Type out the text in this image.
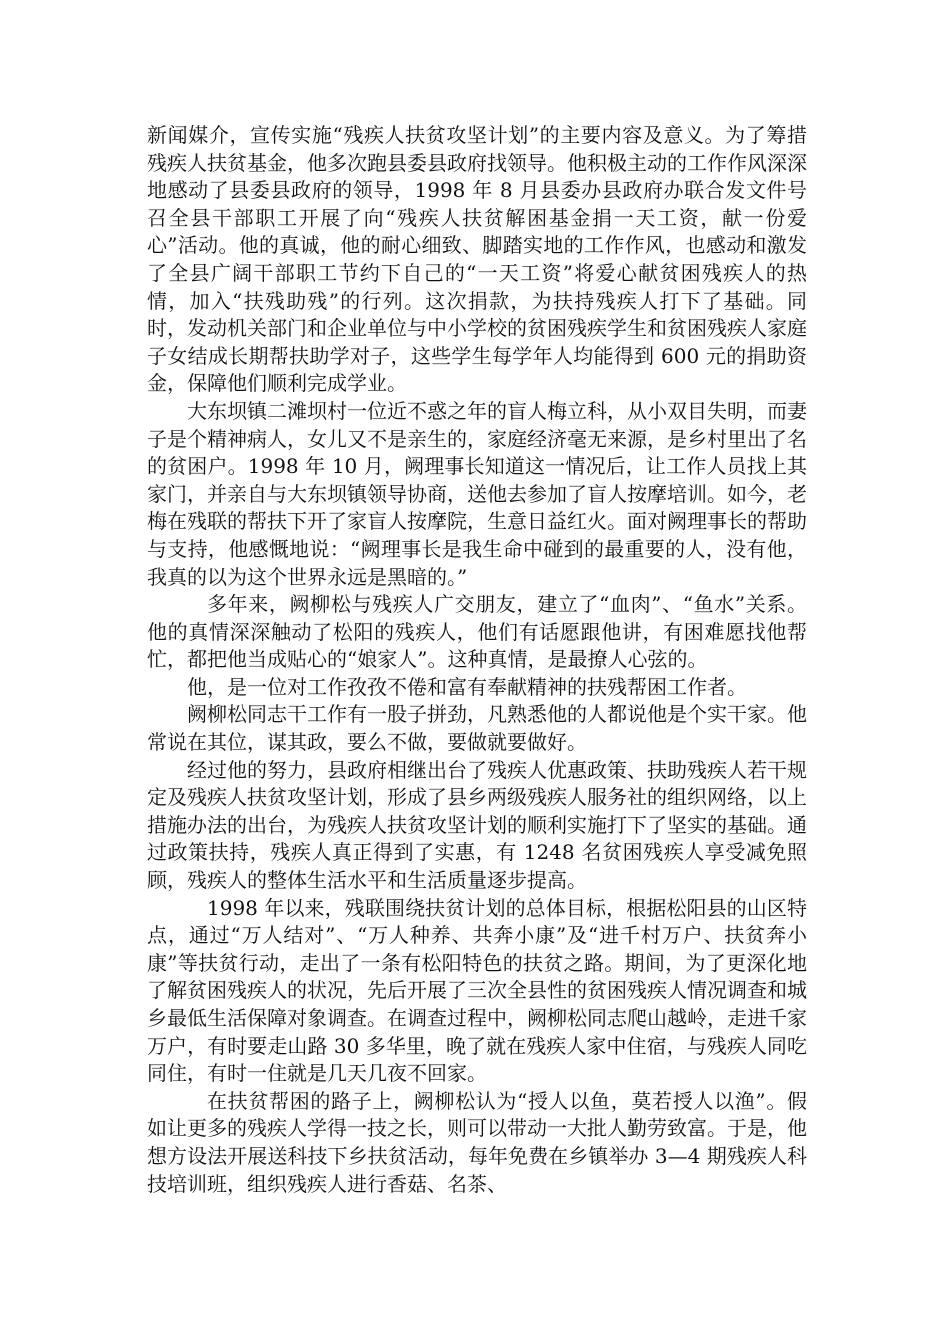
新闻媒介，宣传实施“残疾人扶贫攻坚计划”的主要内容及意义。为了筹措残疾人扶贫基金，他多次跑县委县政府找领导。他积极主动的工作作风深深地感动了县委县政府的领导，1998 年 8 月县委办县政府办联合发文件号召全县干部职工开展了向“残疾人扶贫解困基金捐一天工资，献一份爱心”活动。他的真诚，他的耐心细致、脚踏实地的工作作风，也感动和激发了全县广阔干部职工节约下自己的“一天工资”将爱心献贫困残疾人的热情，加入“扶残助残”的行列。这次捐款，为扶持残疾人打下了基础。同时，发动机关部门和企业单位与中小学校的贫困残疾学生和贫困残疾人家庭子女结成长期帮扶助学对子，这些学生每学年人均能得到 600 元的捐助资金，保障他们顺利完成学业。

大东坝镇二滩坝村一位近不惑之年的盲人梅立科，从小双目失明，而妻子是个精神病人，女儿又不是亲生的，家庭经济毫无来源，是乡村里出了名的贫困户。1998 年 10 月，阙理事长知道这一情况后，让工作人员找上其家门，并亲自与大东坝镇领导协商，送他去参加了盲人按摩培训。如今，老梅在残联的帮扶下开了家盲人按摩院，生意日益红火。面对阙理事长的帮助与支持，他感慨地说：“阙理事长是我生命中碰到的最重要的人，没有他，我真的以为这个世界永远是黑暗的。”

多年来，阙柳松与残疾人广交朋友，建立了“血肉”、“鱼水”关系。他的真情深深触动了松阳的残疾人，他们有话愿跟他讲，有困难愿找他帮忙，都把他当成贴心的“娘家人”。这种真情，是最撩人心弦的。

他，是一位对工作孜孜不倦和富有奉献精神的扶残帮困工作者。

阙柳松同志干工作有一股子拼劲，凡熟悉他的人都说他是个实干家。他常说在其位，谋其政，要么不做，要做就要做好。

经过他的努力，县政府相继出台了残疾人优惠政策、扶助残疾人若干规定及残疾人扶贫攻坚计划，形成了县乡两级残疾人服务社的组织网络，以上措施办法的出台，为残疾人扶贫攻坚计划的顺利实施打下了坚实的基础。通过政策扶持，残疾人真正得到了实惠，有 1248 名贫困残疾人享受减免照顾，残疾人的整体生活水平和生活质量逐步提高。

1998 年以来，残联围绕扶贫计划的总体目标，根据松阳县的山区特点，通过“万人结对”、“万人种养、共奔小康”及“进千村万户、扶贫奔小康”等扶贫行动，走出了一条有松阳特色的扶贫之路。期间，为了更深化地了解贫困残疾人的状况，先后开展了三次全县性的贫困残疾人情况调查和城乡最低生活保障对象调查。在调查过程中，阙柳松同志爬山越岭，走进千家万户，有时要走山路 30 多华里，晚了就在残疾人家中住宿，与残疾人同吃同住，有时一住就是几天几夜不回家。

在扶贫帮困的路子上，阙柳松认为“授人以鱼，莫若授人以渔”。假如让更多的残疾人学得一技之长，则可以带动一大批人勤劳致富。于是，他想方设法开展送科技下乡扶贫活动，每年免费在乡镇举办 3—4 期残疾人科技培训班，组织残疾人进行香菇、名茶、
